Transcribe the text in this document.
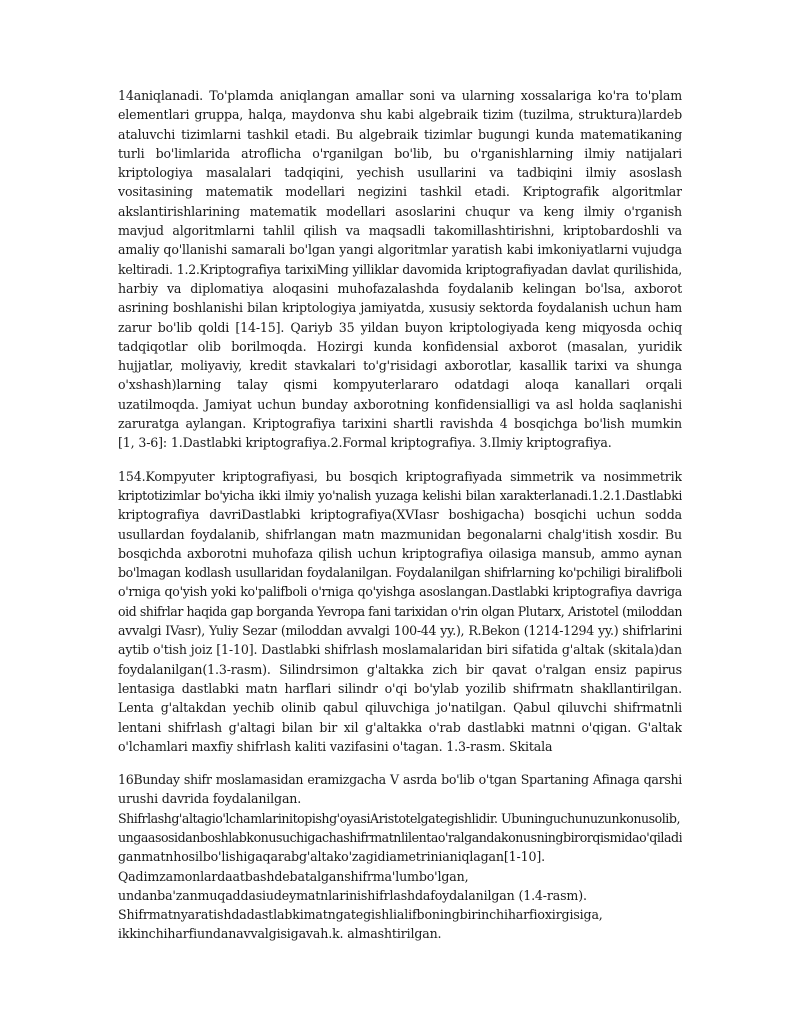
14aniqlanadi. To'plamda aniqlangan amallar soni va ularning xossalariga ko'ra to'plam
elementlari gruppa, halqa, maydonva shu kabi algebraik tizim (tuzilma, struktura)lardeb
ataluvchi tizimlarni tashkil etadi. Bu algebraik tizimlar bugungi kunda matematikaning
turli bo'limlarida atroflicha o'rganilgan bo'lib, bu o'rganishlarning ilmiy natijalari
kriptologiya masalalari tadqiqini, yechish usullarini va tadbiqini ilmiy asoslash
vositasining matematik modellari negizini tashkil etadi. Kriptografik algoritmlar
akslantirishlarining matematik modellari asoslarini chuqur va keng ilmiy o'rganish
mavjud algoritmlarni tahlil qilish va maqsadli takomillashtirishni, kriptobardoshli va
amaliy qo'llanishi samarali bo'lgan yangi algoritmlar yaratish kabi imkoniyatlarni vujudga
keltiradi. 1.2.Kriptografiya tarixiMing yilliklar davomida kriptografiyadan davlat qurilishida,
harbiy va diplomatiya aloqasini muhofazalashda foydalanib kelingan bo'lsa, axborot
asrining boshlanishi bilan kriptologiya jamiyatda, xususiy sektorda foydalanish uchun ham
zarur bo'lib qoldi [14-15]. Qariyb 35 yildan buyon kriptologiyada keng miqyosda ochiq
tadqiqotlar olib borilmoqda. Hozirgi kunda konfidensial axborot (masalan, yuridik
hujjatlar, moliyaviy, kredit stavkalari to'g'risidagi axborotlar, kasallik tarixi va shunga
o'xshash)larning talay qismi kompyuterlararo odatdagi aloqa kanallari orqali
uzatilmoqda. Jamiyat uchun bunday axborotning konfidensialligi va asl holda saqlanishi
zaruratga aylangan. Kriptografiya tarixini shartli ravishda 4 bosqichga bo'lish mumkin
[1, 3-6]: 1.Dastlabki kriptografiya.2.Formal kriptografiya. 3.Ilmiy kriptografiya.
154.Kompyuter kriptografiyasi, bu bosqich kriptografiyada simmetrik va nosimmetrik
kriptotizimlar bo'yicha ikki ilmiy yo'nalish yuzaga kelishi bilan xarakterlanadi.1.2.1.Dastlabki
kriptografiya davriDastlabki kriptografiya(XVIasr boshigacha) bosqichi uchun sodda
usullardan foydalanib, shifrlangan matn mazmunidan begonalarni chalg'itish xosdir. Bu
bosqichda axborotni muhofaza qilish uchun kriptografiya oilasiga mansub, ammo aynan
bo'lmagan kodlash usullaridan foydalanilgan. Foydalanilgan shifrlarning ko'pchiligi biralifboli
o'rniga qo'yish yoki ko'palifboli o'rniga qo'yishga asoslangan.Dastlabki kriptografiya davriga
oid shifrlar haqida gap borganda Yevropa fani tarixidan o'rin olgan Plutarx, Aristotel (miloddan
avvalgi IVasr), Yuliy Sezar (miloddan avvalgi 100-44 yy.), R.Bekon (1214-1294 yy.) shifrlarini
aytib o'tish joiz [1-10]. Dastlabki shifrlash moslamalaridan biri sifatida g'altak (skitala)dan
foydalanilgan(1.3-rasm). Silindrsimon g'altakka zich bir qavat o'ralgan ensiz papirus
lentasiga dastlabki matn harflari silindr o'qi bo'ylab yozilib shifrmatn shakllantirilgan.
Lenta g'altakdan yechib olinib qabul qiluvchiga jo'natilgan. Qabul qiluvchi shifrmatnli
lentani shifrlash g'altagi bilan bir xil g'altakka o'rab dastlabki matnni o'qigan. G'altak
o'lchamlari maxfiy shifrlash kaliti vazifasini o'tagan. 1.3-rasm. Skitala
16Bunday shifr moslamasidan eramizgacha V asrda bo'lib o'tgan Spartaning Afinaga qarshi
urushi davrida foydalanilgan.
Shifrlashg'altagio'lchamlarinitopishg'oyasiAristotelgategishlidir. Ubuninguchunuzunkonusolib,
ungaasosidanboshlabkonusuchigachashifrmatnlilentao'ralgandakonusningbirorqismidao'qiladi
ganmatnhosilbo'lishigaqarabg'altako'zagidiametrinianiqlagan[1-10].
Qadimzamonlardaatbashdebatalganshifrma'lumbo'lgan,
undanba'zanmuqaddasiudeymatnlarinishifrlashdafoydalanilgan (1.4-rasm).
Shifrmatnyaratishdadastlabkimatngategishlialifboningbirinchiharfioxirgisiga,
ikkinchiharfiundanavvalgisigavah.k. almashtirilgan.
